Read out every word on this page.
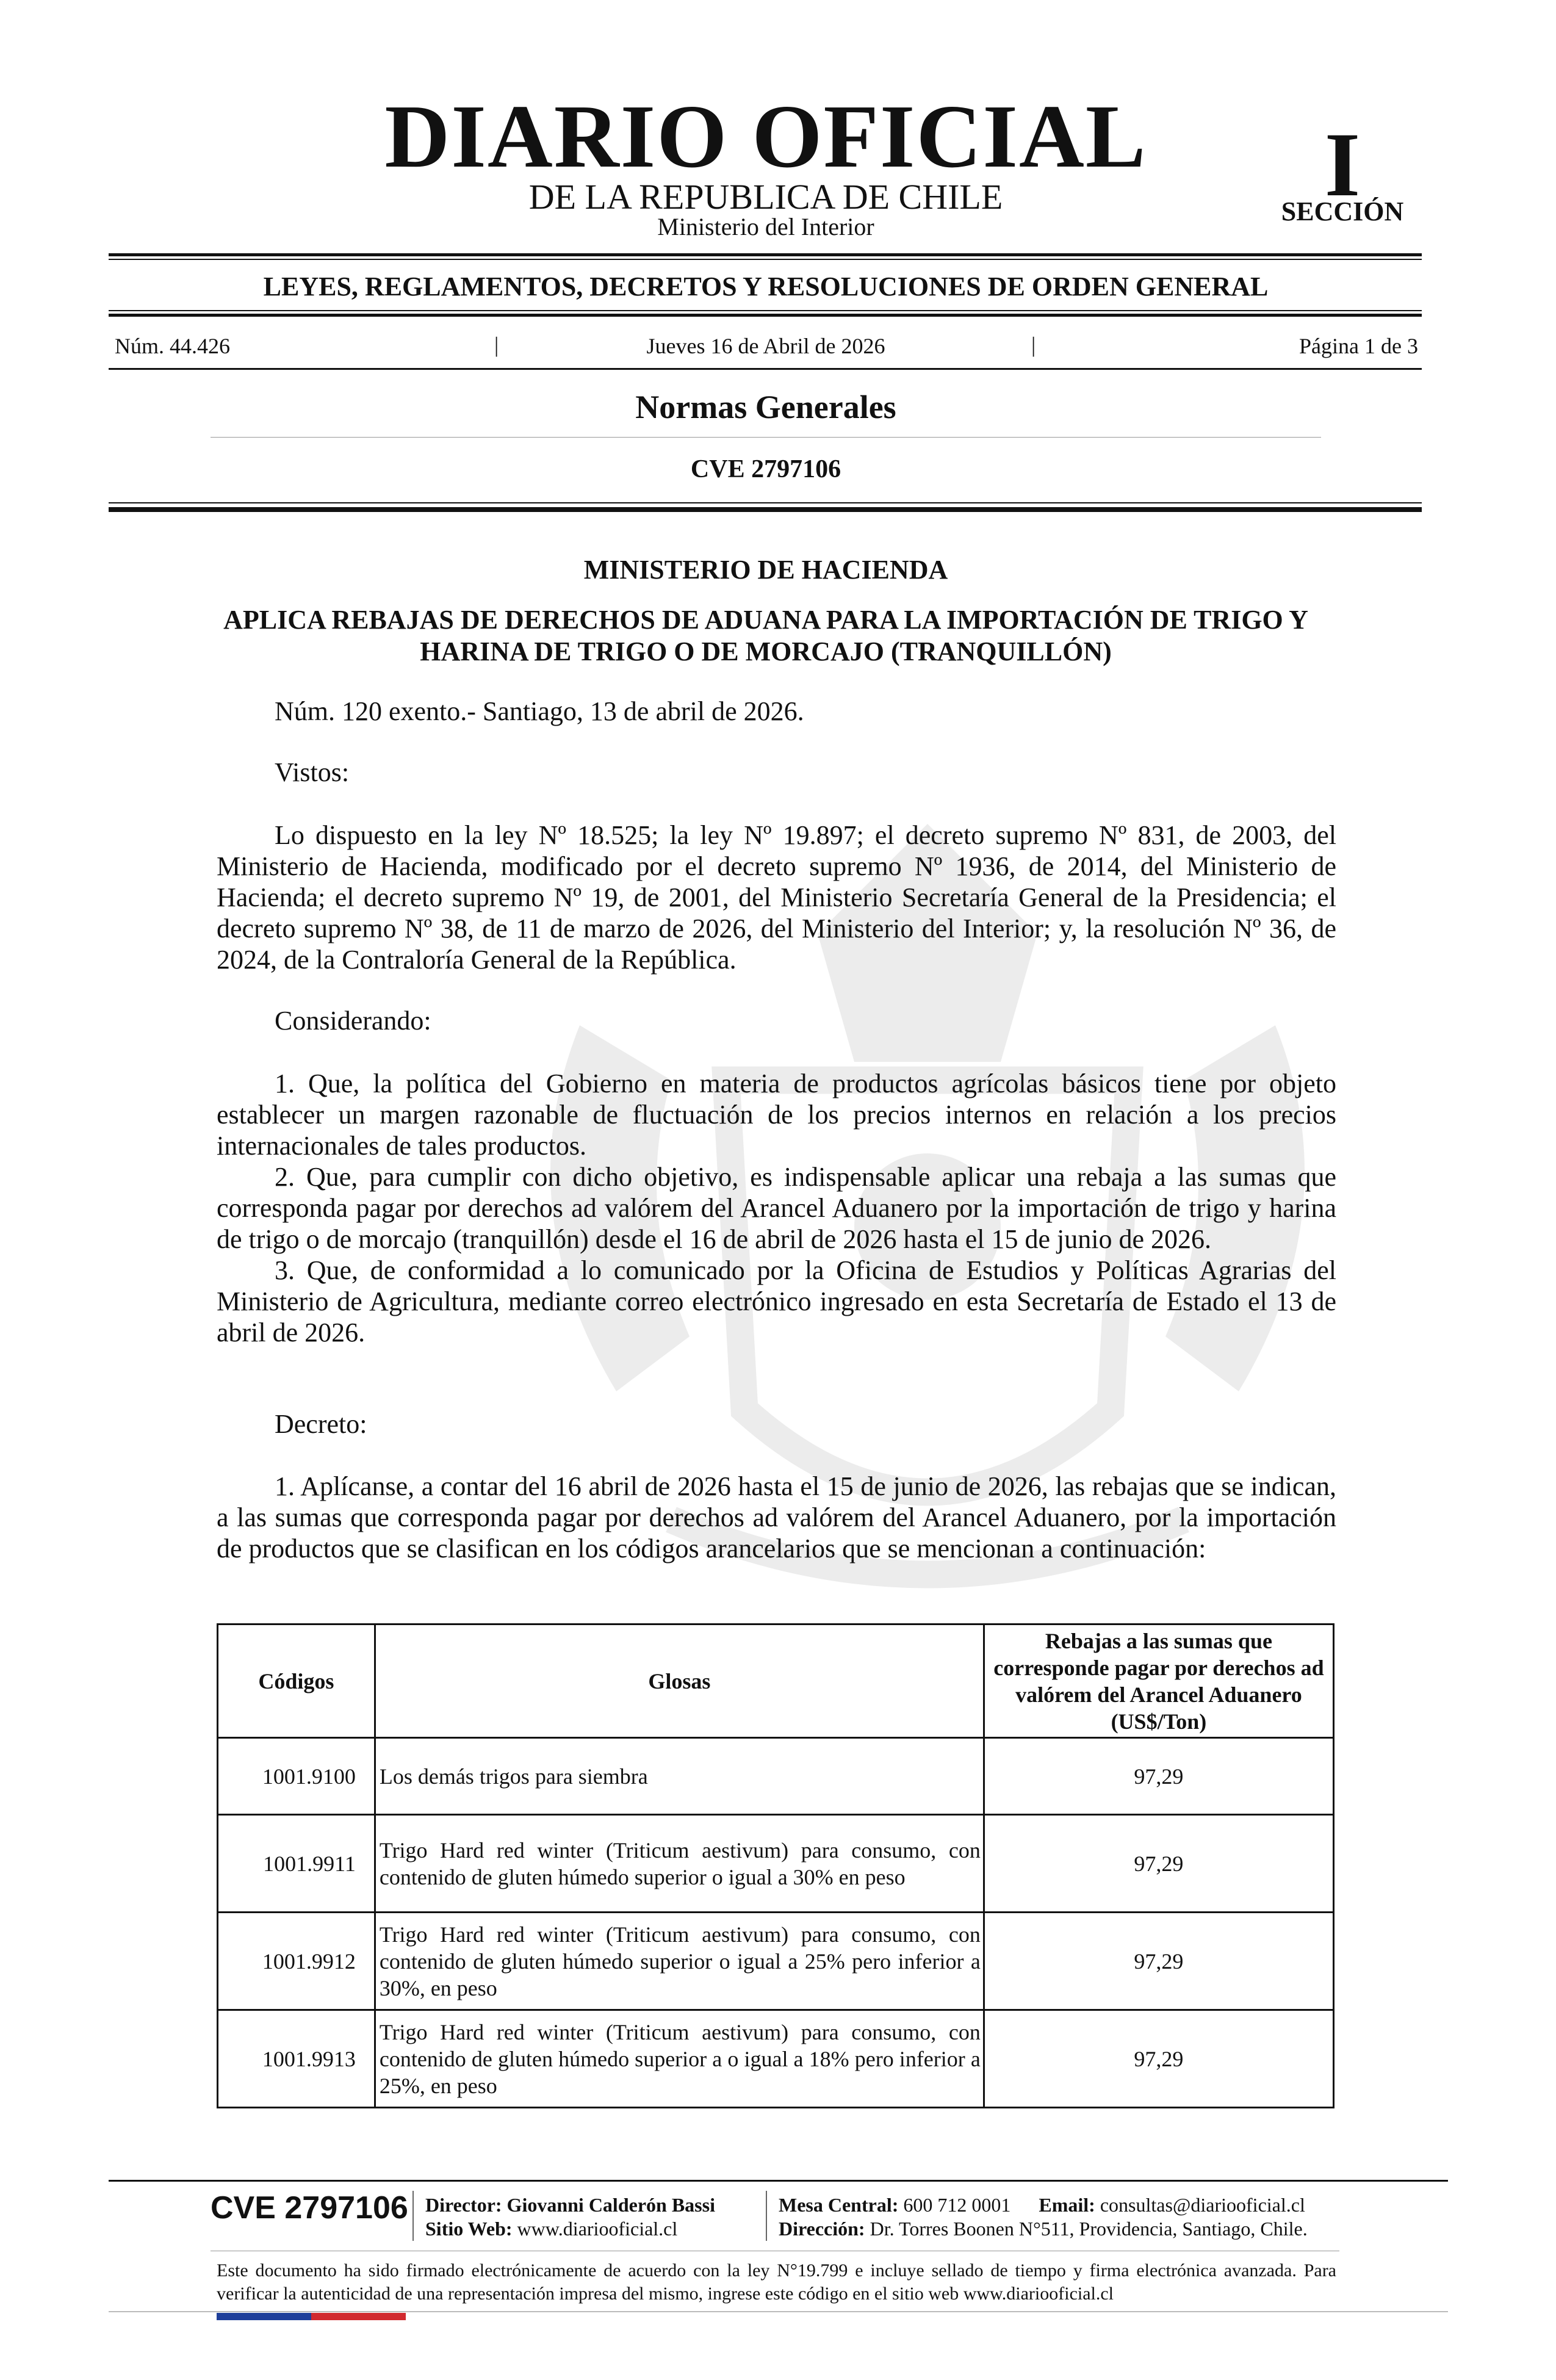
DIARIO OFICIAL
DE LA REPUBLICA DE CHILE
Ministerio del Interior
I
SECCIÓN
LEYES, REGLAMENTOS, DECRETOS Y RESOLUCIONES DE ORDEN GENERAL
Núm. 44.426	|	Jueves 16 de Abril de 2026	|	Página 1 de 3
Normas Generales
CVE 2797106
MINISTERIO DE HACIENDA
APLICA REBAJAS DE DERECHOS DE ADUANA PARA LA IMPORTACIÓN DE TRIGO Y HARINA DE TRIGO O DE MORCAJO (TRANQUILLÓN)

Núm. 120 exento.- Santiago, 13 de abril de 2026.

Vistos:

Lo dispuesto en la ley Nº 18.525; la ley Nº 19.897; el decreto supremo Nº 831, de 2003, del Ministerio de Hacienda, modificado por el decreto supremo Nº 1936, de 2014, del Ministerio de Hacienda; el decreto supremo Nº 19, de 2001, del Ministerio Secretaría General de la Presidencia; el decreto supremo Nº 38, de 11 de marzo de 2026, del Ministerio del Interior; y, la resolución Nº 36, de 2024, de la Contraloría General de la República.

Considerando:

1. Que, la política del Gobierno en materia de productos agrícolas básicos tiene por objeto establecer un margen razonable de fluctuación de los precios internos en relación a los precios internacionales de tales productos.

2. Que, para cumplir con dicho objetivo, es indispensable aplicar una rebaja a las sumas que corresponda pagar por derechos ad valórem del Arancel Aduanero por la importación de trigo y harina de trigo o de morcajo (tranquillón) desde el 16 de abril de 2026 hasta el 15 de junio de 2026.

3. Que, de conformidad a lo comunicado por la Oficina de Estudios y Políticas Agrarias del Ministerio de Agricultura, mediante correo electrónico ingresado en esta Secretaría de Estado el 13 de abril de 2026.

Decreto:

1. Aplícanse, a contar del 16 abril de 2026 hasta el 15 de junio de 2026, las rebajas que se indican, a las sumas que corresponda pagar por derechos ad valórem del Arancel Aduanero, por la importación de productos que se clasifican en los códigos arancelarios que se mencionan a continuación:

Códigos	Glosas	Rebajas a las sumas que corresponde pagar por derechos ad valórem del Arancel Aduanero (US$/Ton)
1001.9100	Los demás trigos para siembra	97,29
1001.9911	Trigo Hard red winter (Triticum aestivum) para consumo, con contenido de gluten húmedo superior o igual a 30% en peso	97,29
1001.9912	Trigo Hard red winter (Triticum aestivum) para consumo, con contenido de gluten húmedo superior o igual a 25% pero inferior a 30%, en peso	97,29
1001.9913	Trigo Hard red winter (Triticum aestivum) para consumo, con contenido de gluten húmedo superior a o igual a 18% pero inferior a 25%, en peso	97,29
CVE 2797106 Director: Giovanni Calderón Bassi
Sitio Web: www.diariooficial.cl
Mesa Central: 600 712 0001 Email: consultas@diariooficial.cl
Dirección: Dr. Torres Boonen N°511, Providencia, Santiago, Chile.
Este documento ha sido firmado electrónicamente de acuerdo con la ley N°19.799 e incluye sellado de tiempo y firma electrónica avanzada. Para verificar la autenticidad de una representación impresa del mismo, ingrese este código en el sitio web www.diariooficial.cl
